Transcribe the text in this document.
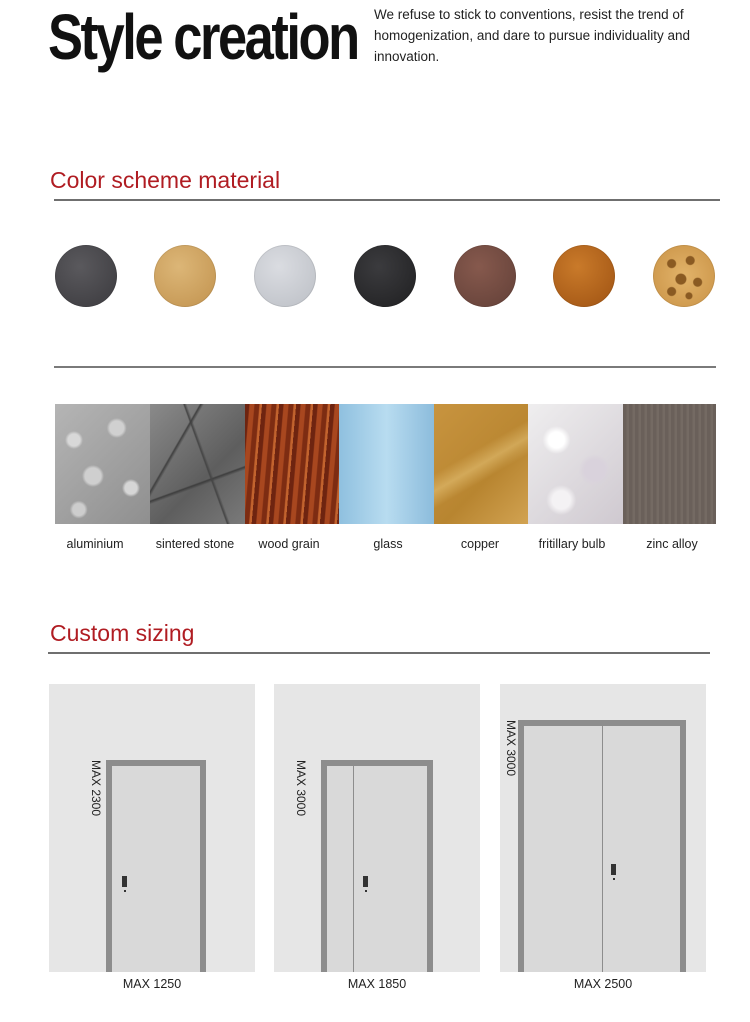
Style creation We refuse to stick to conventions, resist the trend of homogenization, and dare to pursue individuality and innovation.

Color scheme material
aluminium	sintered stone	wood grain	glass	copper	fritillary bulb	zinc alloy
Custom sizing
MAX 2300
MAX 1250
MAX 3000
MAX 1850
MAX 3000
MAX 2500
